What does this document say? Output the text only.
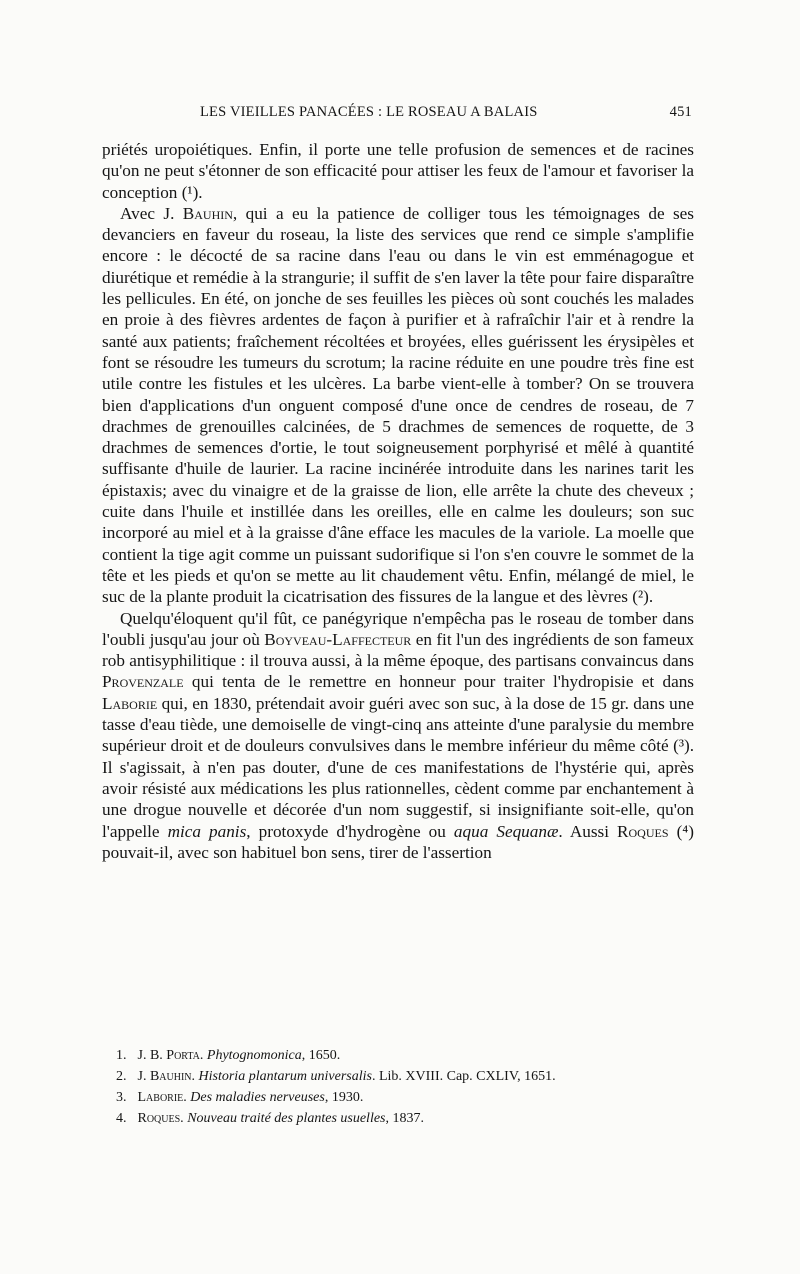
LES VIEILLES PANACÉES : LE ROSEAU A BALAIS	451

priétés uropoiétiques. Enfin, il porte une telle profusion de semences et de racines qu'on ne peut s'étonner de son efficacité pour attiser les feux de l'amour et favoriser la conception (¹).

Avec J. Bauhin, qui a eu la patience de colliger tous les témoignages de ses devanciers en faveur du roseau, la liste des services que rend ce simple s'amplifie encore : le décocté de sa racine dans l'eau ou dans le vin est emménagogue et diurétique et remédie à la strangurie; il suffit de s'en laver la tête pour faire disparaître les pellicules. En été, on jonche de ses feuilles les pièces où sont couchés les malades en proie à des fièvres ardentes de façon à purifier et à rafraîchir l'air et à rendre la santé aux patients; fraîchement récoltées et broyées, elles guérissent les érysipèles et font se résoudre les tumeurs du scrotum; la racine réduite en une poudre très fine est utile contre les fistules et les ulcères. La barbe vient-elle à tomber? On se trouvera bien d'applications d'un onguent composé d'une once de cendres de roseau, de 7 drachmes de grenouilles calcinées, de 5 drachmes de semences de roquette, de 3 drachmes de semences d'ortie, le tout soigneusement porphyrisé et mêlé à quantité suffisante d'huile de laurier. La racine incinérée introduite dans les narines tarit les épistaxis; avec du vinaigre et de la graisse de lion, elle arrête la chute des cheveux ; cuite dans l'huile et instillée dans les oreilles, elle en calme les douleurs; son suc incorporé au miel et à la graisse d'âne efface les macules de la variole. La moelle que contient la tige agit comme un puissant sudorifique si l'on s'en couvre le sommet de la tête et les pieds et qu'on se mette au lit chaudement vêtu. Enfin, mélangé de miel, le suc de la plante produit la cicatrisation des fissures de la langue et des lèvres (²).

Quelqu'éloquent qu'il fût, ce panégyrique n'empêcha pas le roseau de tomber dans l'oubli jusqu'au jour où Boyveau-Laffecteur en fit l'un des ingrédients de son fameux rob antisyphilitique : il trouva aussi, à la même époque, des partisans convaincus dans Provenzale qui tenta de le remettre en honneur pour traiter l'hydropisie et dans Laborie qui, en 1830, prétendait avoir guéri avec son suc, à la dose de 15 gr. dans une tasse d'eau tiède, une demoiselle de vingt-cinq ans atteinte d'une paralysie du membre supérieur droit et de douleurs convulsives dans le membre inférieur du même côté (³). Il s'agissait, à n'en pas douter, d'une de ces manifestations de l'hystérie qui, après avoir résisté aux médications les plus rationnelles, cèdent comme par enchantement à une drogue nouvelle et décorée d'un nom suggestif, si insignifiante soit-elle, qu'on l'appelle mica panis, protoxyde d'hydrogène ou aqua Sequanæ. Aussi Roques (⁴) pouvait-il, avec son habituel bon sens, tirer de l'assertion

1. J. B. Porta. Phytognomonica, 1650.
2. J. Bauhin. Historia plantarum universalis. Lib. XVIII. Cap. CXLIV, 1651.
3. Laborie. Des maladies nerveuses, 1930.
4. Roques. Nouveau traité des plantes usuelles, 1837.
